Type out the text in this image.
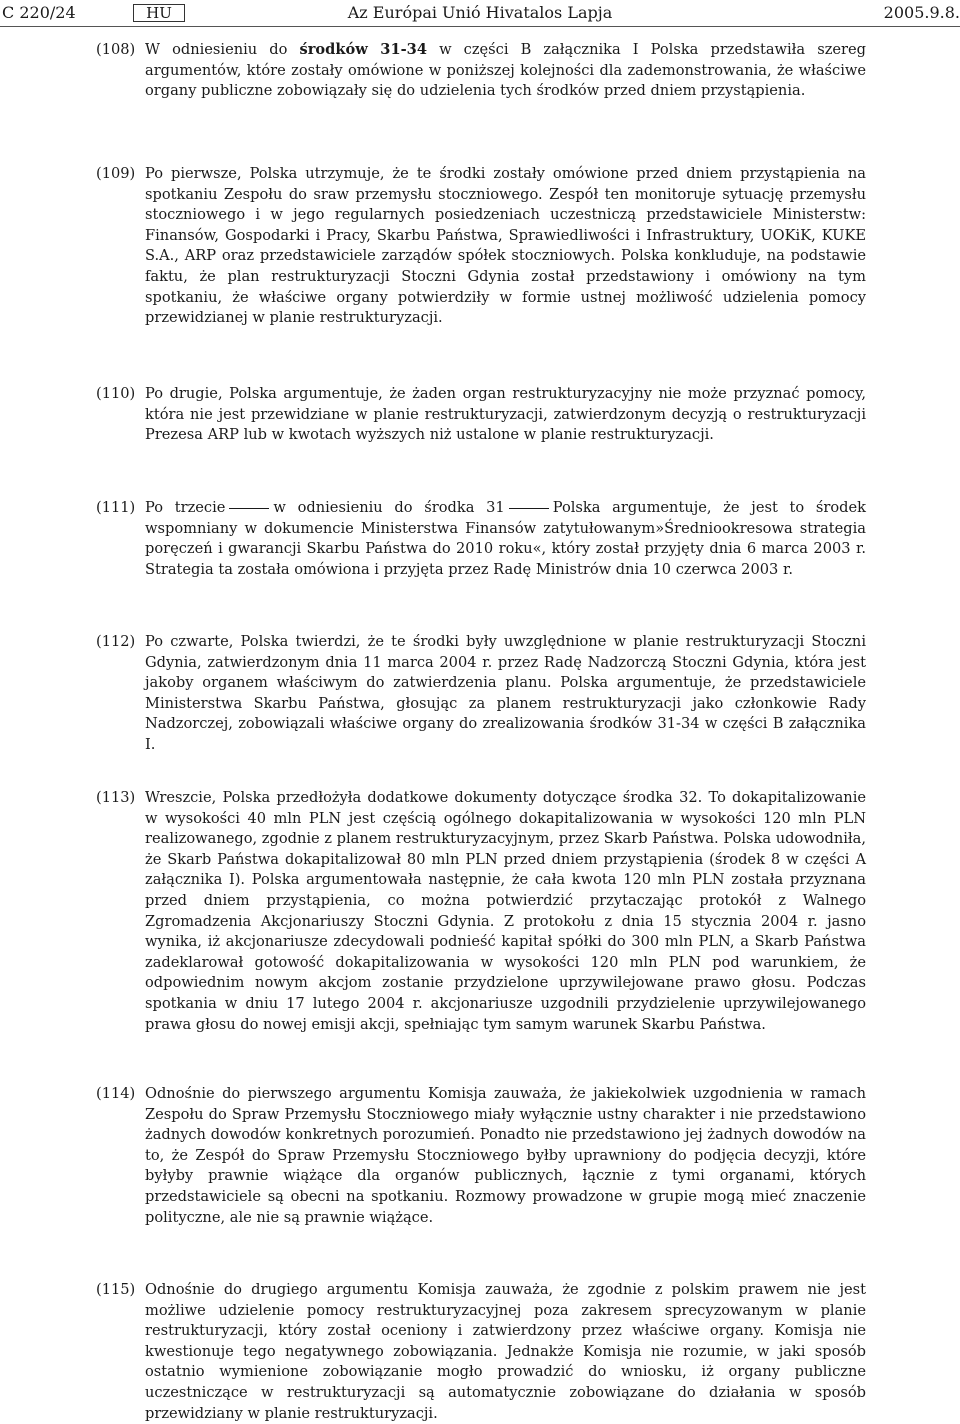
C 220/24	Az Európai Unió Hivatalos Lapja
HU	2005.9.8.
(108) W odniesieniu do środków 31-34 w części B załącznika I Polska przedstawiła szereg argumentów, które zostały omówione w poniższej kolejności dla zademonstrowania, że właściwe organy publiczne zobowiązały się do udzielenia tych środków przed dniem przystąpienia.
(109) Po pierwsze, Polska utrzymuje, że te środki zostały omówione przed dniem przystąpienia na spotkaniu Zespołu do sraw przemysłu stoczniowego. Zespół ten monitoruje sytuację przemysłu stoczniowego i w jego regularnych posiedzeniach uczestniczą przedstawiciele Ministerstw: Finansów, Gospodarki i Pracy, Skarbu Państwa, Sprawiedliwości i Infrastruktury, UOKiK, KUKE S.A., ARP oraz przedstawiciele zarządów spółek stoczniowych. Polska konkluduje, na podstawie faktu, że plan restrukturyzacji Stoczni Gdynia został przedstawiony i omówiony na tym spotkaniu, że właściwe organy potwierdziły w formie ustnej możliwość udzielenia pomocy przewidzianej w planie restrukturyzacji.
(110) Po drugie, Polska argumentuje, że żaden organ restrukturyzacyjny nie może przyznać pomocy, która nie jest przewidziane w planie restrukturyzacji, zatwierdzonym decyzją o restrukturyzacji Prezesa ARP lub w kwotach wyższych niż ustalone w planie restrukturyzacji.
(111) Po trzecie	w odniesieniu do środka 31	Polska argumentuje, że jest to środek wspomniany w dokumencie Ministerstwa Finansów zatytułowanym»Średniookresowa strategia poręczeń i gwarancji Skarbu Państwa do 2010 roku«, który został przyjęty dnia 6 marca 2003 r. Strategia ta została omówiona i przyjęta przez Radę Ministrów dnia 10 czerwca 2003 r.
(112) Po czwarte, Polska twierdzi, że te środki były uwzględnione w planie restrukturyzacji Stoczni Gdynia, zatwierdzonym dnia 11 marca 2004 r. przez Radę Nadzorczą Stoczni Gdynia, która jest jakoby organem właściwym do zatwierdzenia planu. Polska argumentuje, że przedstawiciele Ministerstwa Skarbu Państwa, głosując za planem restrukturyzacji jako członkowie Rady Nadzorczej, zobowiązali właściwe organy do zrealizowania środków 31-34 w części B załącznika I.
(113) Wreszcie, Polska przedłożyła dodatkowe dokumenty dotyczące środka 32. To dokapitalizowanie w wysokości 40 mln PLN jest częścią ogólnego dokapitalizowania w wysokości 120 mln PLN realizowanego, zgodnie z planem restrukturyzacyjnym, przez Skarb Państwa. Polska udowodniła, że Skarb Państwa dokapitalizował 80 mln PLN przed dniem przystąpienia (środek 8 w części A załącznika I). Polska argumentowała następnie, że cała kwota 120 mln PLN została przyznana przed dniem przystąpienia, co można potwierdzić przytaczając protokół z Walnego Zgromadzenia Akcjonariuszy Stoczni Gdynia. Z protokołu z dnia 15 stycznia 2004 r. jasno wynika, iż akcjonariusze zdecydowali podnieść kapitał spółki do 300 mln PLN, a Skarb Państwa zadeklarował gotowość dokapitalizowania w wysokości 120 mln PLN pod warunkiem, że odpowiednim nowym akcjom zostanie przydzielone uprzywilejowane prawo głosu. Podczas spotkania w dniu 17 lutego 2004 r. akcjonariusze uzgodnili przydzielenie uprzywilejowanego prawa głosu do nowej emisji akcji, spełniając tym samym warunek Skarbu Państwa.
(114) Odnośnie do pierwszego argumentu Komisja zauważa, że jakiekolwiek uzgodnienia w ramach Zespołu do Spraw Przemysłu Stoczniowego miały wyłącznie ustny charakter i nie przedstawiono żadnych dowodów konkretnych porozumień. Ponadto nie przedstawiono jej żadnych dowodów na to, że Zespół do Spraw Przemysłu Stoczniowego byłby uprawniony do podjęcia decyzji, które byłyby prawnie wiążące dla organów publicznych, łącznie z tymi organami, których przedstawiciele są obecni na spotkaniu. Rozmowy prowadzone w grupie mogą mieć znaczenie polityczne, ale nie są prawnie wiążące.
(115) Odnośnie do drugiego argumentu Komisja zauważa, że zgodnie z polskim prawem nie jest możliwe udzielenie pomocy restrukturyzacyjnej poza zakresem sprecyzowanym w planie restrukturyzacji, który został oceniony i zatwierdzony przez właściwe organy. Komisja nie kwestionuje tego negatywnego zobowiązania. Jednakże Komisja nie rozumie, w jaki sposób ostatnio wymienione zobowiązanie mogło prowadzić do wniosku, iż organy publiczne uczestniczące w restrukturyzacji są automatycznie zobowiązane do działania w sposób przewidziany w planie restrukturyzacji.
